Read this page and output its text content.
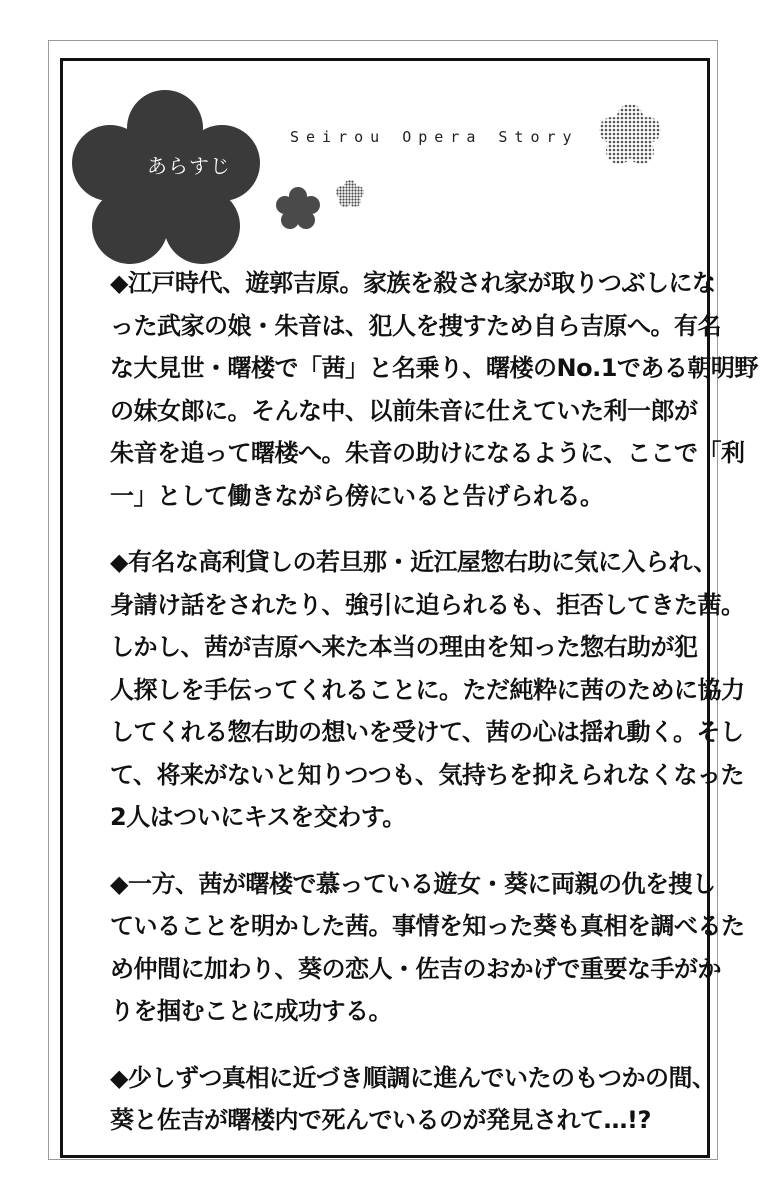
あらすじ
Seirou Opera Story
◆江戸時代、遊郭吉原。家族を殺され家が取りつぶしにな
った武家の娘・朱音は、犯人を捜すため自ら吉原へ。有名
な大見世・曙楼で「茜」と名乗り、曙楼のNo.1である朝明野
の妹女郎に。そんな中、以前朱音に仕えていた利一郎が
朱音を追って曙楼へ。朱音の助けになるように、ここで「利
一」として働きながら傍にいると告げられる。
◆有名な高利貸しの若旦那・近江屋惣右助に気に入られ、
身請け話をされたり、強引に迫られるも、拒否してきた茜。
しかし、茜が吉原へ来た本当の理由を知った惣右助が犯
人探しを手伝ってくれることに。ただ純粋に茜のために協力
してくれる惣右助の想いを受けて、茜の心は揺れ動く。そし
て、将来がないと知りつつも、気持ちを抑えられなくなった
2人はついにキスを交わす。
◆一方、茜が曙楼で慕っている遊女・葵に両親の仇を捜し
ていることを明かした茜。事情を知った葵も真相を調べるた
め仲間に加わり、葵の恋人・佐吉のおかげで重要な手がか
りを掴むことに成功する。
◆少しずつ真相に近づき順調に進んでいたのもつかの間、
葵と佐吉が曙楼内で死んでいるのが発見されて…!?
